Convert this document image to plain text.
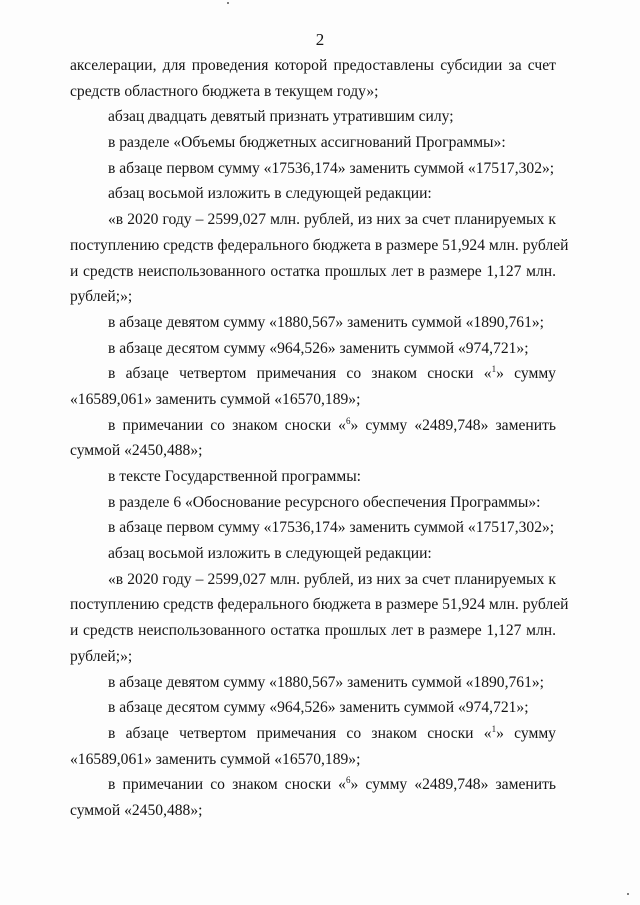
2
акселерации, для проведения которой предоставлены субсидии за счет
средств областного бюджета в текущем году»;
абзац двадцать девятый признать утратившим силу;
в разделе «Объемы бюджетных ассигнований Программы»:
в абзаце первом сумму «17536,174» заменить суммой «17517,302»;
абзац восьмой изложить в следующей редакции:
«в 2020 году – 2599,027 млн. рублей, из них за счет планируемых к
поступлению средств федерального бюджета в размере 51,924 млн. рублей
и средств неиспользованного остатка прошлых лет в размере 1,127 млн.
рублей;»;
в абзаце девятом сумму «1880,567» заменить суммой «1890,761»;
в абзаце десятом сумму «964,526» заменить суммой «974,721»;
в абзаце четвертом примечания со знаком сноски «$^1$» сумму
«16589,061» заменить суммой «16570,189»;
в примечании со знаком сноски «$^6$» сумму «2489,748» заменить
суммой «2450,488»;
в тексте Государственной программы:
в разделе 6 «Обоснование ресурсного обеспечения Программы»:
в абзаце первом сумму «17536,174» заменить суммой «17517,302»;
абзац восьмой изложить в следующей редакции:
«в 2020 году – 2599,027 млн. рублей, из них за счет планируемых к
поступлению средств федерального бюджета в размере 51,924 млн. рублей
и средств неиспользованного остатка прошлых лет в размере 1,127 млн.
рублей;»;
в абзаце девятом сумму «1880,567» заменить суммой «1890,761»;
в абзаце десятом сумму «964,526» заменить суммой «974,721»;
в абзаце четвертом примечания со знаком сноски «$^1$» сумму
«16589,061» заменить суммой «16570,189»;
в примечании со знаком сноски «$^6$» сумму «2489,748» заменить
суммой «2450,488»;
